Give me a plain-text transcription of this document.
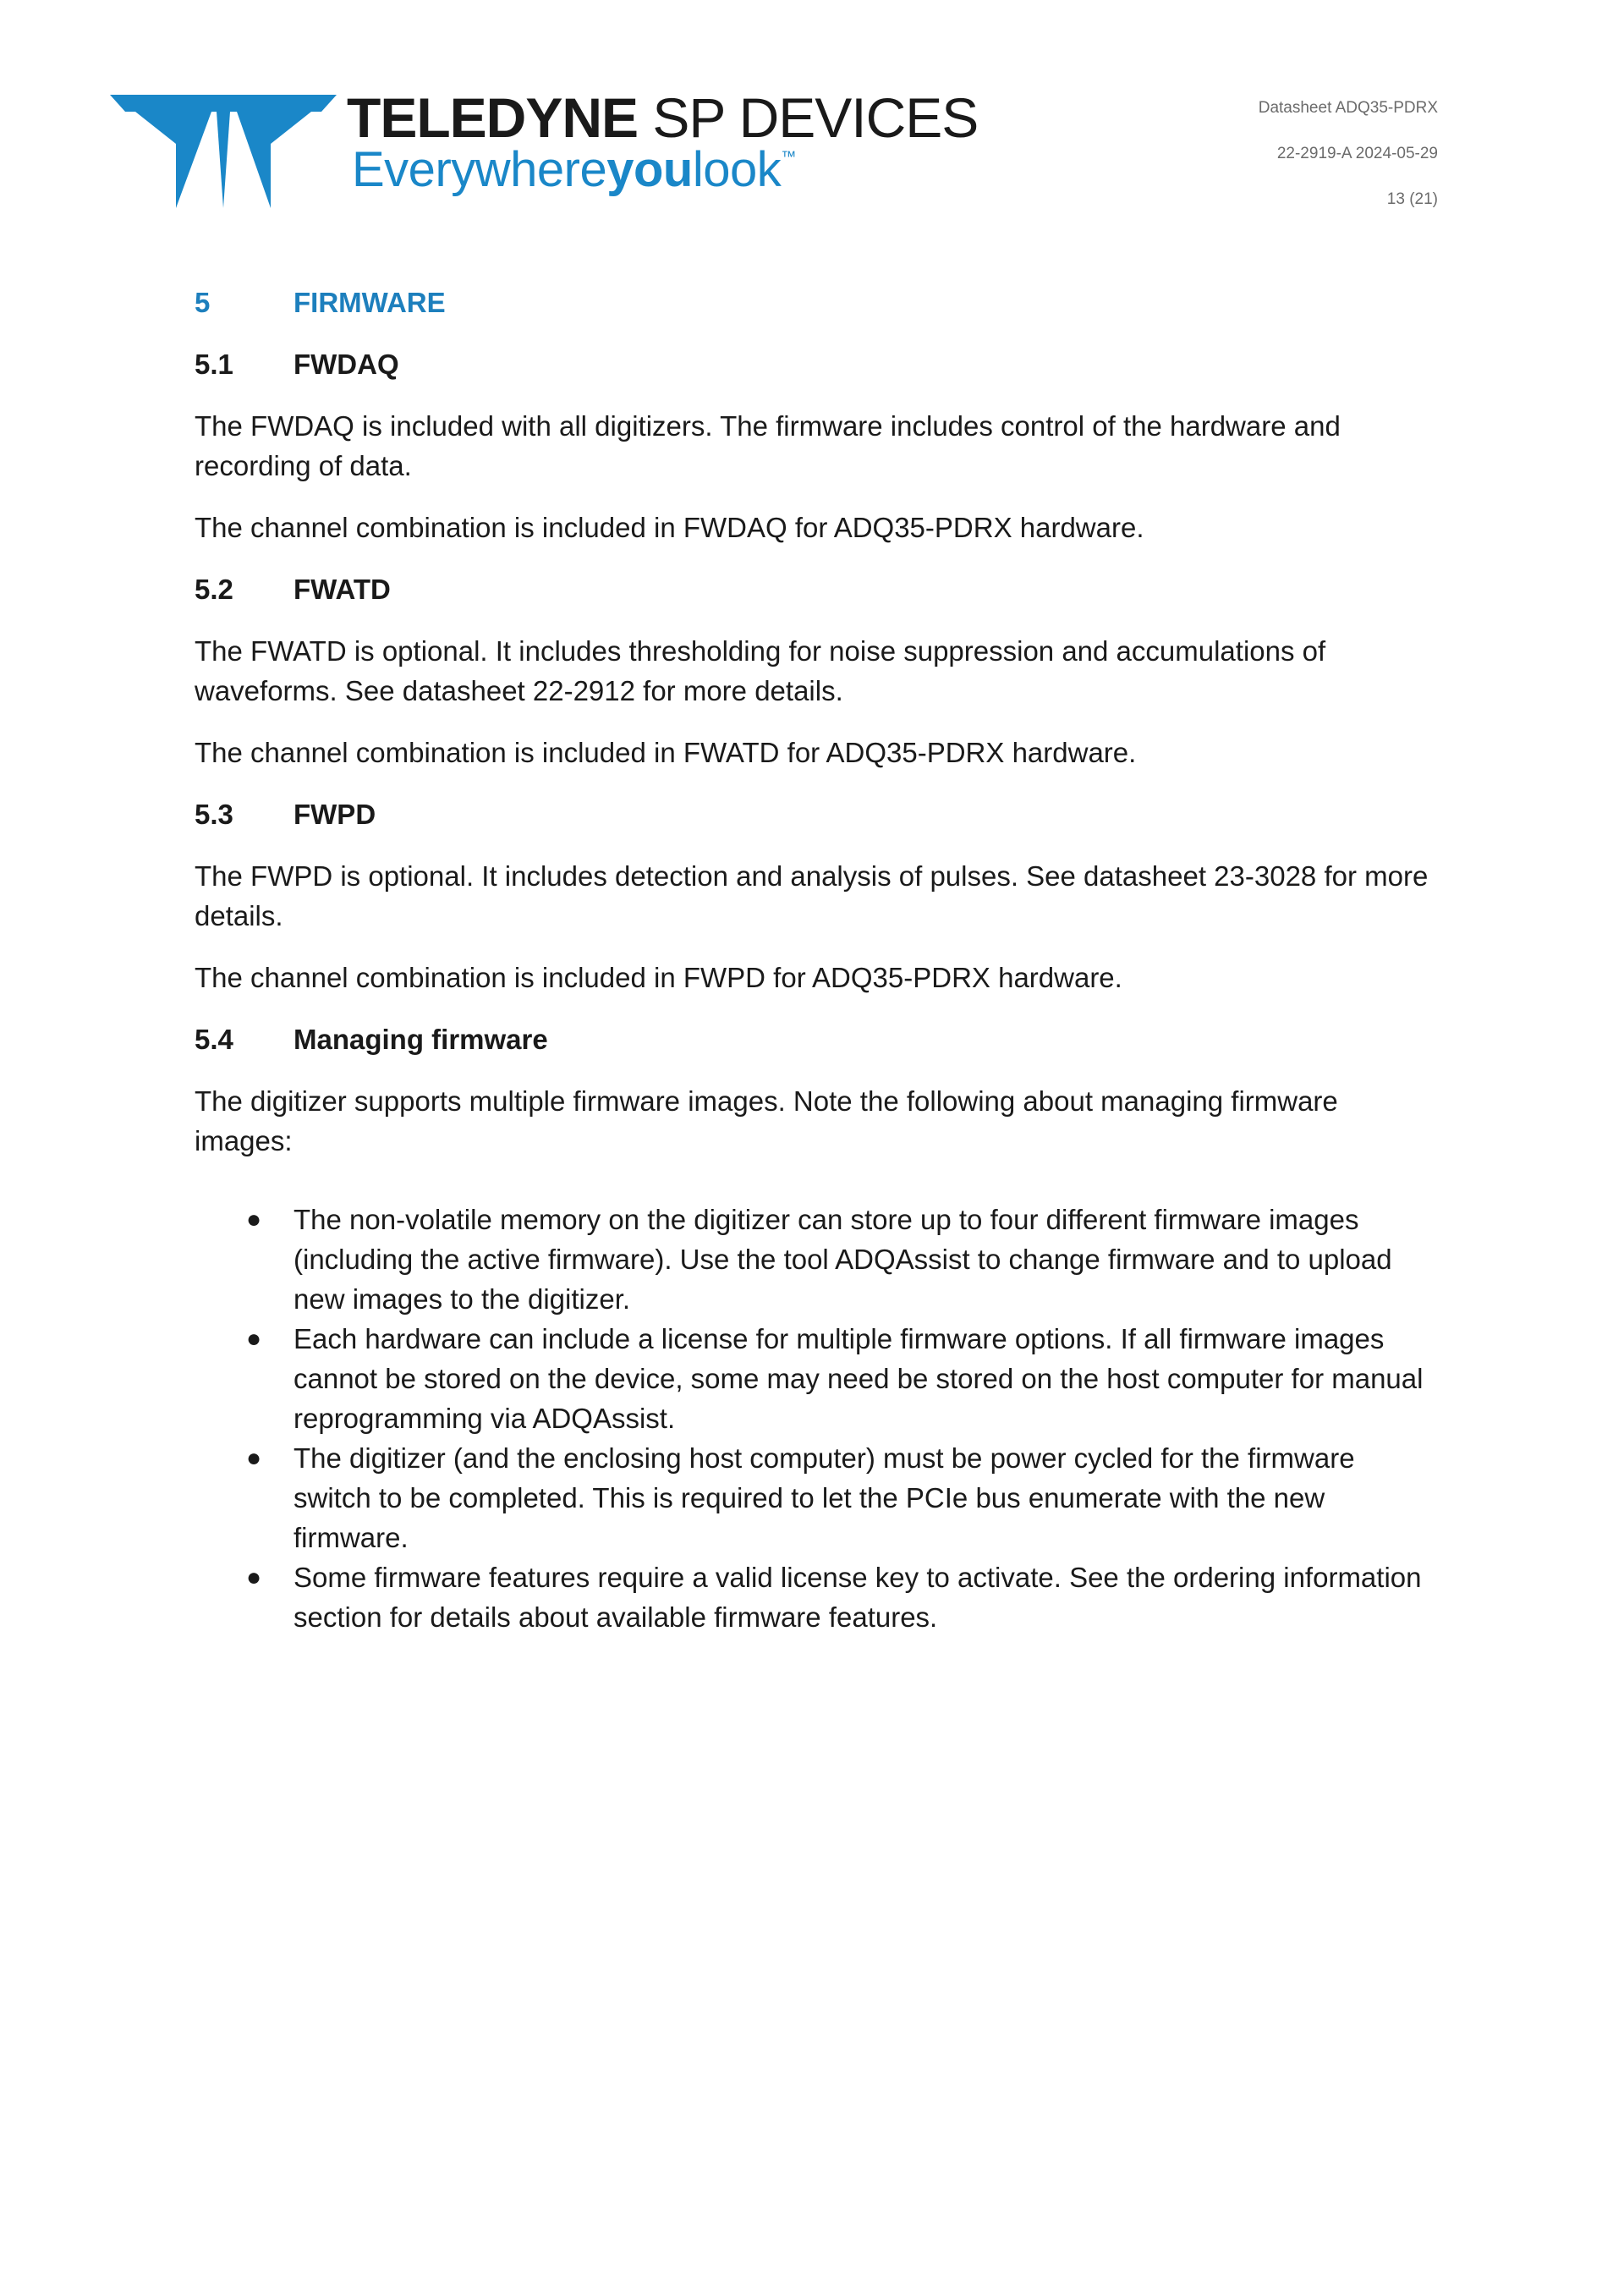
TELEDYNE SP DEVICES
Everywhereyoulook™
Datasheet ADQ35-PDRX
22-2919-A 2024-05-29
13 (21)
5	FIRMWARE
5.1	FWDAQ

The FWDAQ is included with all digitizers. The firmware includes control of the hardware and recording of data.

The channel combination is included in FWDAQ for ADQ35-PDRX hardware.

5.2	FWATD

The FWATD is optional. It includes thresholding for noise suppression and accumulations of waveforms. See datasheet 22-2912 for more details.

The channel combination is included in FWATD for ADQ35-PDRX hardware.

5.3	FWPD

The FWPD is optional. It includes detection and analysis of pulses. See datasheet 23-3028 for more details.

The channel combination is included in FWPD for ADQ35-PDRX hardware.

5.4	Managing firmware

The digitizer supports multiple firmware images. Note the following about managing firmware images:

● The non-volatile memory on the digitizer can store up to four different firmware images (including the active firmware). Use the tool ADQAssist to change firmware and to upload new images to the digitizer.
● Each hardware can include a license for multiple firmware options. If all firmware images cannot be stored on the device, some may need be stored on the host computer for manual reprogramming via ADQAssist.
● The digitizer (and the enclosing host computer) must be power cycled for the firmware switch to be completed. This is required to let the PCIe bus enumerate with the new firmware.
● Some firmware features require a valid license key to activate. See the ordering information section for details about available firmware features.
